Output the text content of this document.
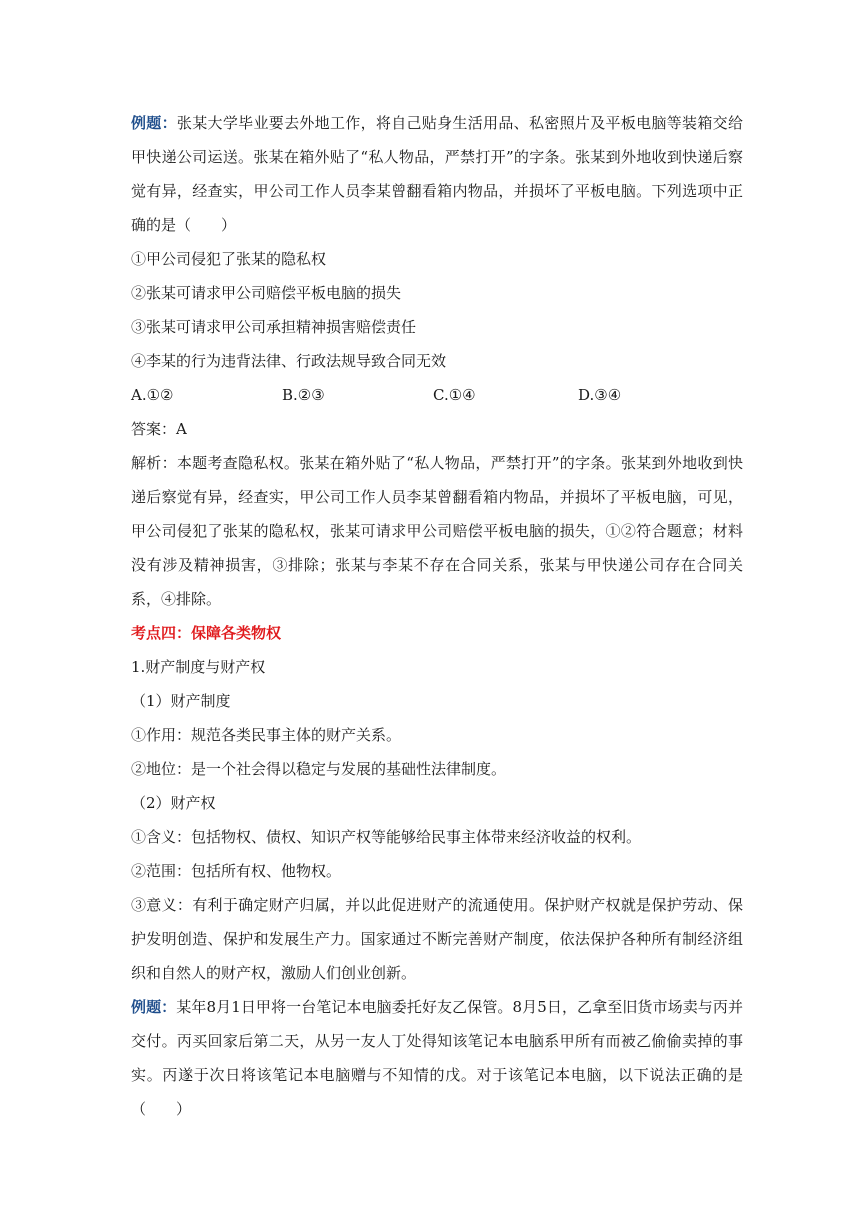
例题：张某大学毕业要去外地工作，将自己贴身生活用品、私密照片及平板电脑等装箱交给甲快递公司运送。张某在箱外贴了“私人物品，严禁打开”的字条。张某到外地收到快递后察觉有异，经查实，甲公司工作人员李某曾翻看箱内物品，并损坏了平板电脑。下列选项中正确的是（　　）

①甲公司侵犯了张某的隐私权

②张某可请求甲公司赔偿平板电脑的损失

③张某可请求甲公司承担精神损害赔偿责任

④李某的行为违背法律、行政法规导致合同无效

A.①②	B.②③	C.①④	D.③④

答案：A

解析：本题考查隐私权。张某在箱外贴了“私人物品，严禁打开”的字条。张某到外地收到快递后察觉有异，经查实，甲公司工作人员李某曾翻看箱内物品，并损坏了平板电脑，可见，甲公司侵犯了张某的隐私权，张某可请求甲公司赔偿平板电脑的损失，①②符合题意；材料没有涉及精神损害，③排除；张某与李某不存在合同关系，张某与甲快递公司存在合同关系，④排除。

考点四：保障各类物权

1.财产制度与财产权

（1）财产制度

①作用：规范各类民事主体的财产关系。

②地位：是一个社会得以稳定与发展的基础性法律制度。

（2）财产权

①含义：包括物权、债权、知识产权等能够给民事主体带来经济收益的权利。

②范围：包括所有权、他物权。

③意义：有利于确定财产归属，并以此促进财产的流通使用。保护财产权就是保护劳动、保护发明创造、保护和发展生产力。国家通过不断完善财产制度，依法保护各种所有制经济组织和自然人的财产权，激励人们创业创新。

例题：某年8月1日甲将一台笔记本电脑委托好友乙保管。8月5日，乙拿至旧货市场卖与丙并交付。丙买回家后第二天，从另一友人丁处得知该笔记本电脑系甲所有而被乙偷偷卖掉的事实。丙遂于次日将该笔记本电脑赠与不知情的戊。对于该笔记本电脑，以下说法正确的是（　　）
